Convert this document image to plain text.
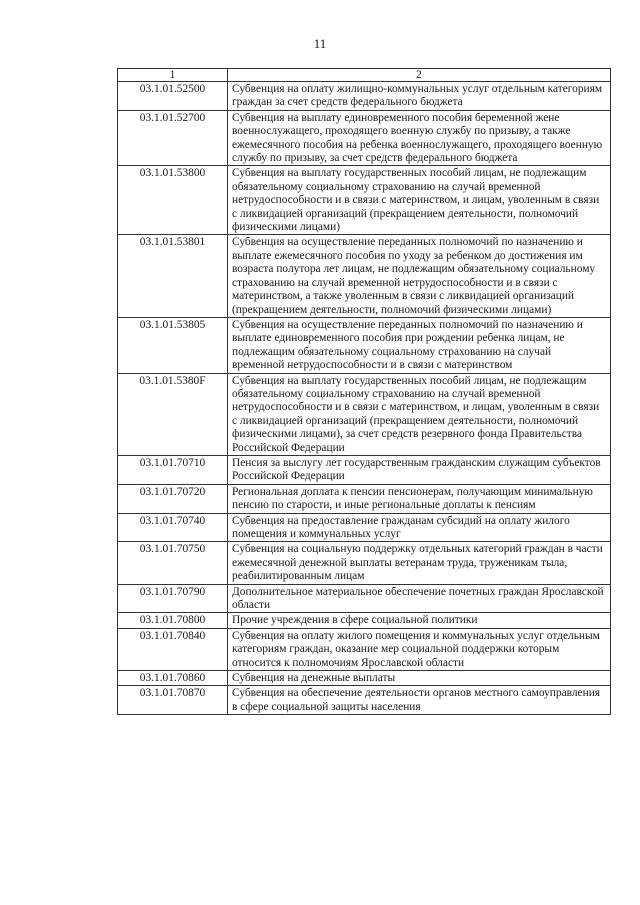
11
1	2
03.1.01.52500	Субвенция на оплату жилищно-коммунальных услуг отдельным категориям граждан за счет средств федерального бюджета
03.1.01.52700	Субвенция на выплату единовременного пособия беременной жене военнослужащего, проходящего военную службу по призыву, а также ежемесячного пособия на ребенка военнослужащего, проходящего военную службу по призыву, за счет средств федерального бюджета
03.1.01.53800	Субвенция на выплату государственных пособий лицам, не подлежащим обязательному социальному страхованию на случай временной нетрудоспособности и в связи с материнством, и лицам, уволенным в связи с ликвидацией организаций (прекращением деятельности, полномочий физическими лицами)
03.1.01.53801	Субвенция на осуществление переданных полномочий по назначению и выплате ежемесячного пособия по уходу за ребенком до достижения им возраста полутора лет лицам, не подлежащим обязательному социальному страхованию на случай временной нетрудоспособности и в связи с материнством, а также уволенным в связи с ликвидацией организаций (прекращением деятельности, полномочий физическими лицами)
03.1.01.53805	Субвенция на осуществление переданных полномочий по назначению и выплате единовременного пособия при рождении ребенка лицам, не подлежащим обязательному социальному страхованию на случай временной нетрудоспособности и в связи с материнством
03.1.01.5380F	Субвенция на выплату государственных пособий лицам, не подлежащим обязательному социальному страхованию на случай временной нетрудоспособности и в связи с материнством, и лицам, уволенным в связи с ликвидацией организаций (прекращением деятельности, полномочий физическими лицами), за счет средств резервного фонда Правительства Российской Федерации
03.1.01.70710	Пенсия за выслугу лет государственным гражданским служащим субъектов Российской Федерации
03.1.01.70720	Региональная доплата к пенсии пенсионерам, получающим минимальную пенсию по старости, и иные региональные доплаты к пенсиям
03.1.01.70740	Субвенция на предоставление гражданам субсидий на оплату жилого помещения и коммунальных услуг
03.1.01.70750	Субвенция на социальную поддержку отдельных категорий граждан в части ежемесячной денежной выплаты ветеранам труда, труженикам тыла, реабилитированным лицам
03.1.01.70790	Дополнительное материальное обеспечение почетных граждан Ярославской области
03.1.01.70800	Прочие учреждения в сфере социальной политики
03.1.01.70840	Субвенция на оплату жилого помещения и коммунальных услуг отдельным категориям граждан, оказание мер социальной поддержки которым относится к полномочиям Ярославской области
03.1.01.70860	Субвенция на денежные выплаты
03.1.01.70870	Субвенция на обеспечение деятельности органов местного самоуправления в сфере социальной защиты населения
